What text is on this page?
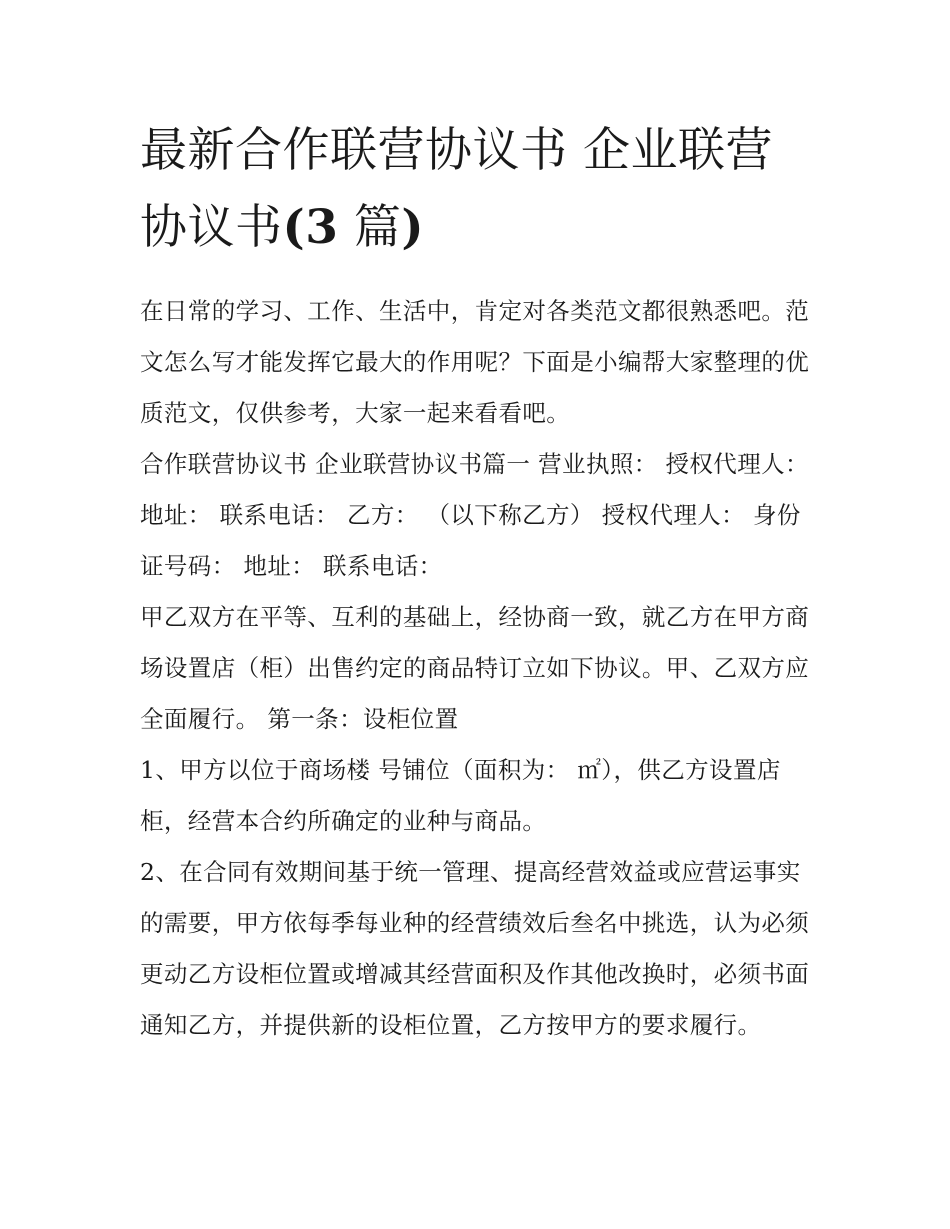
最新合作联营协议书 企业联营
协议书(3 篇)

在日常的学习、工作、生活中，肯定对各类范文都很熟悉吧。范文怎么写才能发挥它最大的作用呢？下面是小编帮大家整理的优质范文，仅供参考，大家一起来看看吧。

合作联营协议书 企业联营协议书篇一 营业执照： 授权代理人： 地址： 联系电话： 乙方： （以下称乙方） 授权代理人： 身份证号码： 地址： 联系电话：

甲乙双方在平等、互利的基础上，经协商一致，就乙方在甲方商场设置店（柜）出售约定的商品特订立如下协议。甲、乙双方应全面履行。 第一条：设柜位置

1、甲方以位于商场楼 号铺位（面积为： ㎡），供乙方设置店柜，经营本合约所确定的业种与商品。

2、在合同有效期间基于统一管理、提高经营效益或应营运事实的需要，甲方依每季每业种的经营绩效后叁名中挑选，认为必须更动乙方设柜位置或增减其经营面积及作其他改换时，必须书面通知乙方，并提供新的设柜位置，乙方按甲方的要求履行。
